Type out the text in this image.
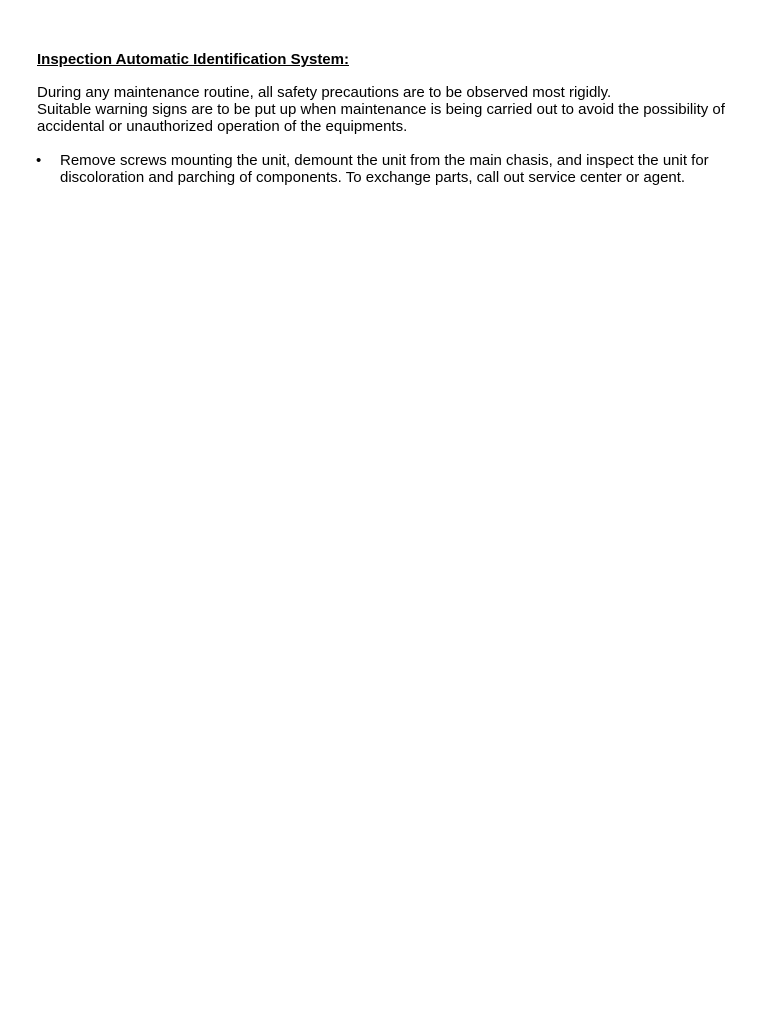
Inspection Automatic Identification System:

During any maintenance routine, all safety precautions are to be observed most rigidly.
Suitable warning signs are to be put up when maintenance is being carried out to avoid the possibility of accidental or unauthorized operation of the equipments.

• Remove screws mounting the unit, demount the unit from the main chasis, and inspect the unit for discoloration and parching of components. To exchange parts, call out service center or agent.
